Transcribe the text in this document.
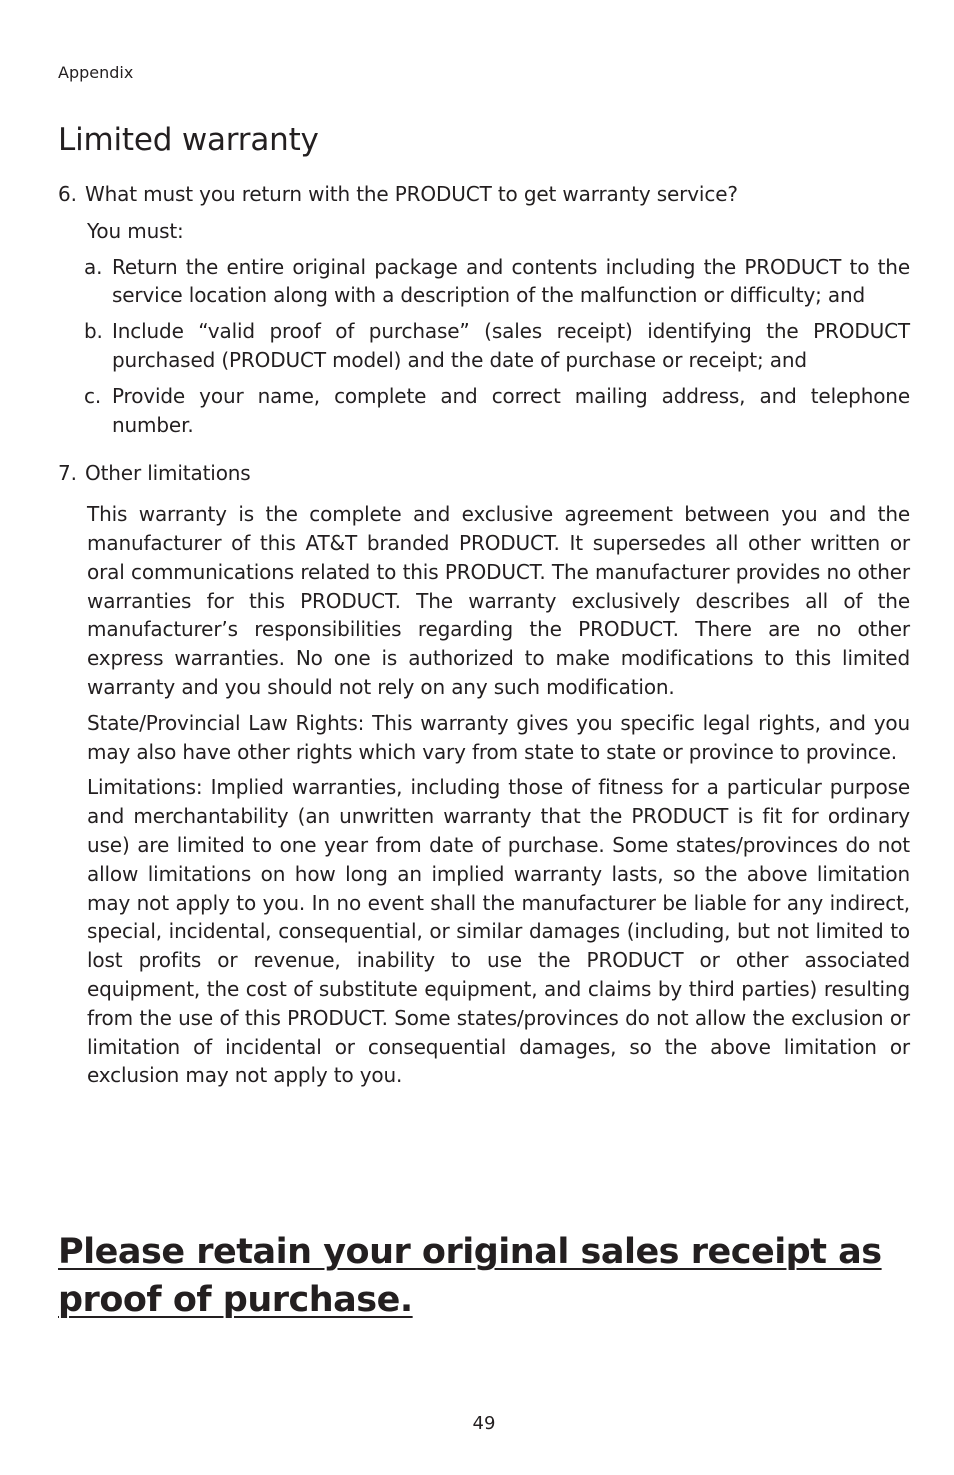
Appendix
Limited warranty
6. What must you return with the PRODUCT to get warranty service?
You must:
a. Return the entire original package and contents including the PRODUCT to the service location along with a description of the malfunction or difficulty; and
b. Include “valid proof of purchase” (sales receipt) identifying the PRODUCT purchased (PRODUCT model) and the date of purchase or receipt; and
c. Provide your name, complete and correct mailing address, and telephone number.
7. Other limitations

This warranty is the complete and exclusive agreement between you and the manufacturer of this AT&T branded PRODUCT. It supersedes all other written or oral communications related to this PRODUCT. The manufacturer provides no other warranties for this PRODUCT. The warranty exclusively describes all of the manufacturer’s responsibilities regarding the PRODUCT. There are no other express warranties. No one is authorized to make modifications to this limited warranty and you should not rely on any such modification.

State/Provincial Law Rights: This warranty gives you specific legal rights, and you may also have other rights which vary from state to state or province to province.

Limitations: Implied warranties, including those of fitness for a particular purpose and merchantability (an unwritten warranty that the PRODUCT is fit for ordinary use) are limited to one year from date of purchase. Some states/provinces do not allow limitations on how long an implied warranty lasts, so the above limitation may not apply to you. In no event shall the manufacturer be liable for any indirect, special, incidental, consequential, or similar damages (including, but not limited to lost profits or revenue, inability to use the PRODUCT or other associated equipment, the cost of substitute equipment, and claims by third parties) resulting from the use of this PRODUCT. Some states/provinces do not allow the exclusion or limitation of incidental or consequential damages, so the above limitation or exclusion may not apply to you.

Please retain your original sales receipt as proof of purchase.
49
